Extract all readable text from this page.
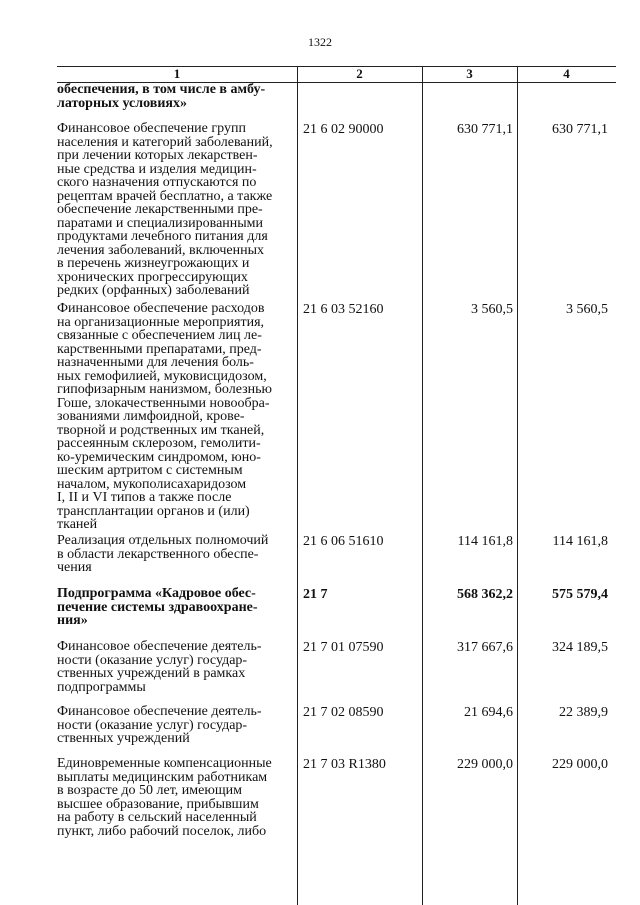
1322
1	2	3	4
обеспечения, в том числе в амбу-
латорных условиях»
Финансовое обеспечение групп
населения и категорий заболеваний,
при лечении которых лекарствен-
ные средства и изделия медицин-
ского назначения отпускаются по
рецептам врачей бесплатно, а также
обеспечение лекарственными пре-
паратами и специализированными
продуктами лечебного питания для
лечения заболеваний, включенных
в перечень жизнеугрожающих и
хронических прогрессирующих
редких (орфанных) заболеваний
21 6 02 90000	630 771,1	630 771,1
Финансовое обеспечение расходов
на организационные мероприятия,
связанные с обеспечением лиц ле-
карственными препаратами, пред-
назначенными для лечения боль-
ных гемофилией, муковисцидозом,
гипофизарным нанизмом, болезнью
Гоше, злокачественными новообра-
зованиями лимфоидной, крове-
творной и родственных им тканей,
рассеянным склерозом, гемолити-
ко-уремическим синдромом, юно-
шеским артритом с системным
началом, мукополисахаридозом
I, II и VI типов а также после
трансплантации органов и (или)
тканей
21 6 03 52160	3 560,5	3 560,5
Реализация отдельных полномочий
в области лекарственного обеспе-
чения
21 6 06 51610	114 161,8	114 161,8
Подпрограмма «Кадровое обес-
печение системы здравоохране-
ния»
21 7	568 362,2	575 579,4
Финансовое обеспечение деятель-
ности (оказание услуг) государ-
ственных учреждений в рамках
подпрограммы
21 7 01 07590	317 667,6	324 189,5
Финансовое обеспечение деятель-
ности (оказание услуг) государ-
ственных учреждений
21 7 02 08590	21 694,6	22 389,9
Единовременные компенсационные
выплаты медицинским работникам
в возрасте до 50 лет, имеющим
высшее образование, прибывшим
на работу в сельский населенный
пункт, либо рабочий поселок, либо
21 7 03 R1380	229 000,0	229 000,0
